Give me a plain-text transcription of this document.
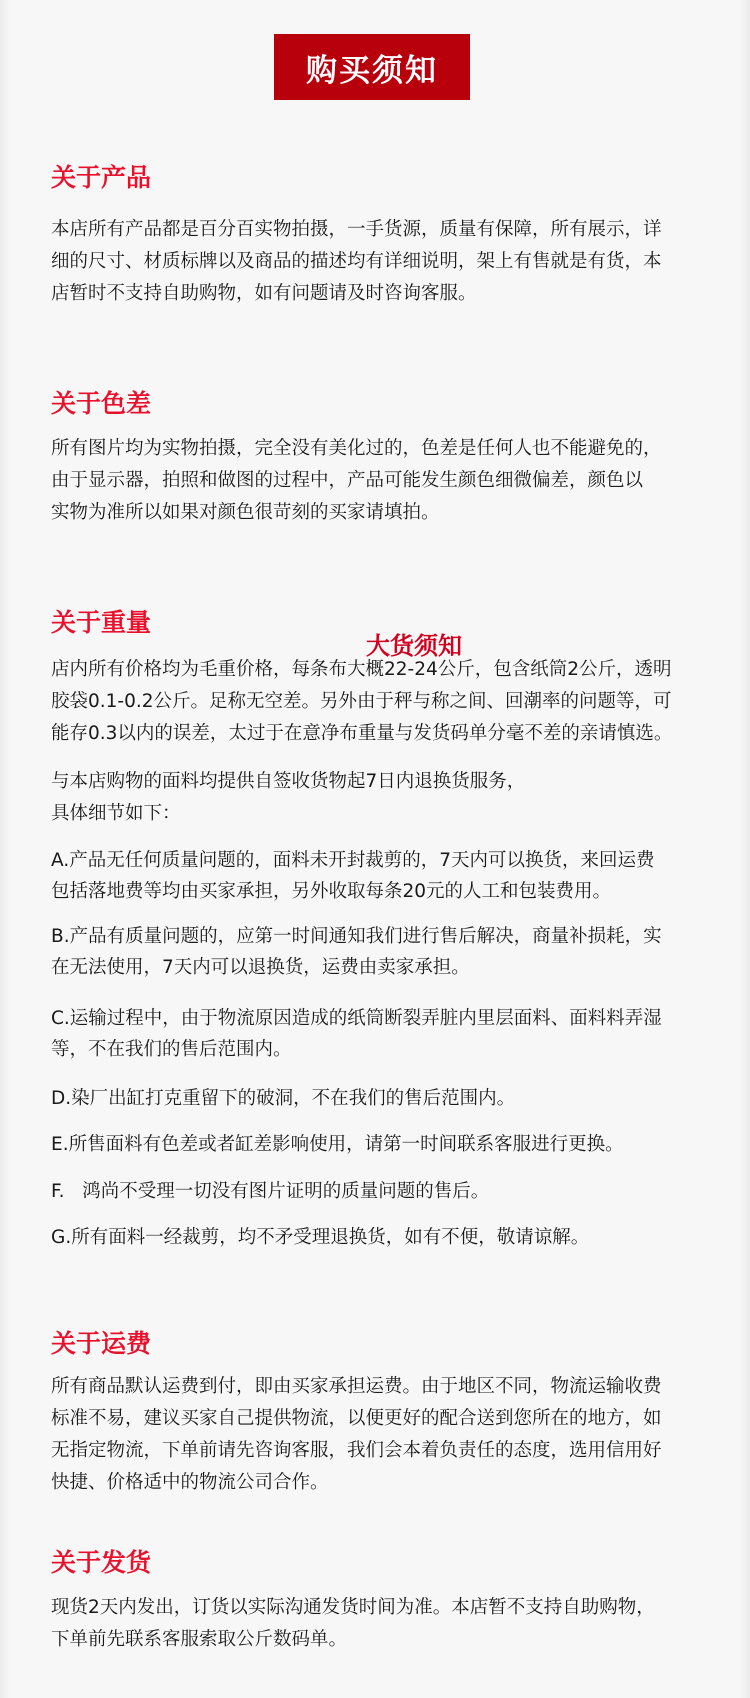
购买须知
关于产品
本店所有产品都是百分百实物拍摄，一手货源，质量有保障，所有展示，详
细的尺寸、材质标牌以及商品的描述均有详细说明，架上有售就是有货，本
店暂时不支持自助购物，如有问题请及时咨询客服。
关于色差
所有图片均为实物拍摄，完全没有美化过的，色差是任何人也不能避免的，
由于显示器，拍照和做图的过程中，产品可能发生颜色细微偏差，颜色以
实物为准所以如果对颜色很苛刻的买家请填拍。
关于重量
大货须知
店内所有价格均为毛重价格，每条布大概22-24公斤，包含纸筒2公斤，透明
胶袋0.1-0.2公斤。足称无空差。另外由于秤与称之间、回潮率的问题等，可
能存0.3以内的误差，太过于在意净布重量与发货码单分毫不差的亲请慎选。
与本店购物的面料均提供自签收货物起7日内退换货服务，
具体细节如下：
A.产品无任何质量问题的，面料未开封裁剪的，7天内可以换货，来回运费
包括落地费等均由买家承担，另外收取每条20元的人工和包装费用。
B.产品有质量问题的，应第一时间通知我们进行售后解决，商量补损耗，实
在无法使用，7天内可以退换货，运费由卖家承担。
C.运输过程中，由于物流原因造成的纸筒断裂弄脏内里层面料、面料料弄湿
等，不在我们的售后范围内。
D.染厂出缸打克重留下的破洞，不在我们的售后范围内。
E.所售面料有色差或者缸差影响使用，请第一时间联系客服进行更换。
F.   鸿尚不受理一切没有图片证明的质量问题的售后。
G.所有面料一经裁剪，均不矛受理退换货，如有不便，敬请谅解。
关于运费
所有商品默认运费到付，即由买家承担运费。由于地区不同，物流运输收费
标准不易，建议买家自己提供物流，以便更好的配合送到您所在的地方，如
无指定物流，下单前请先咨询客服，我们会本着负责任的态度，选用信用好
快捷、价格适中的物流公司合作。
关于发货
现货2天内发出，订货以实际沟通发货时间为准。本店暂不支持自助购物，
下单前先联系客服索取公斤数码单。
